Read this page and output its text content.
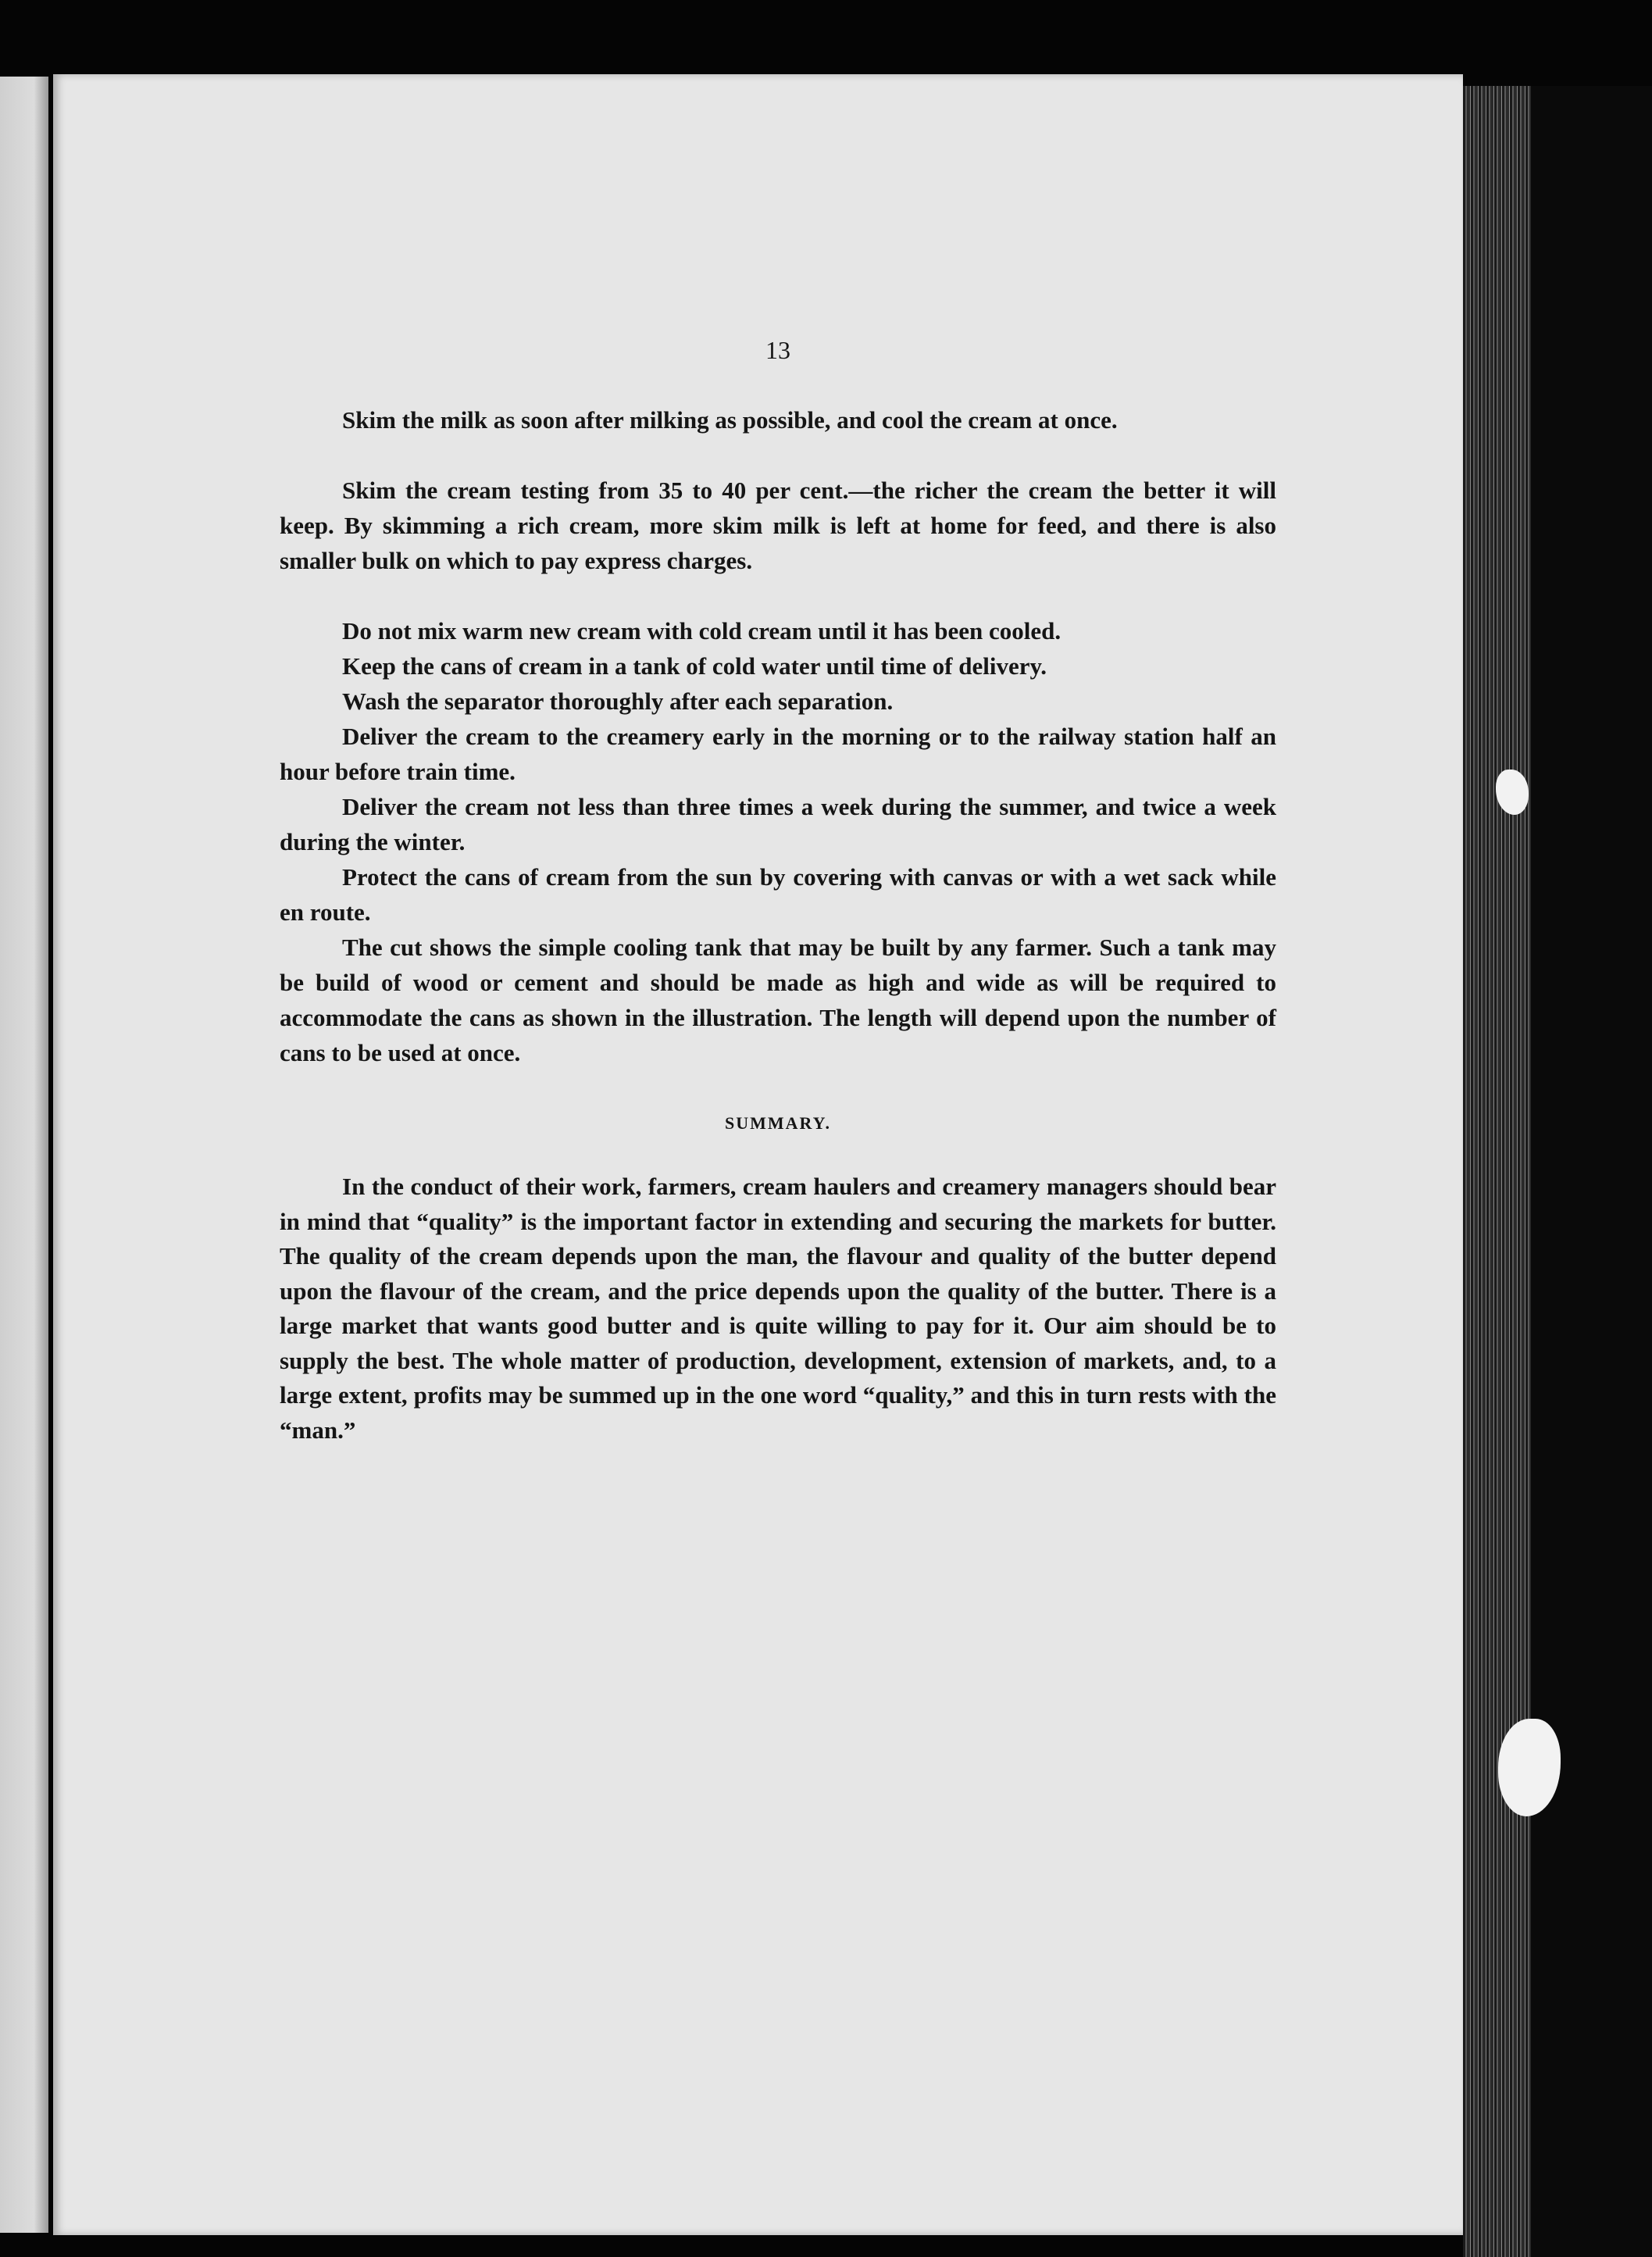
13

Skim the milk as soon after milking as possible, and cool the cream at once.

Skim the cream testing from 35 to 40 per cent.—the richer the cream the better it will keep. By skimming a rich cream, more skim milk is left at home for feed, and there is also smaller bulk on which to pay express charges.

Do not mix warm new cream with cold cream until it has been cooled.

Keep the cans of cream in a tank of cold water until time of delivery.

Wash the separator thoroughly after each separation.

Deliver the cream to the creamery early in the morning or to the railway station half an hour before train time.

Deliver the cream not less than three times a week during the summer, and twice a week during the winter.

Protect the cans of cream from the sun by covering with canvas or with a wet sack while en route.

The cut shows the simple cooling tank that may be built by any farmer. Such a tank may be build of wood or cement and should be made as high and wide as will be required to accommodate the cans as shown in the illustration. The length will depend upon the number of cans to be used at once.

SUMMARY.

In the conduct of their work, farmers, cream haulers and creamery managers should bear in mind that “quality” is the important factor in extending and securing the markets for butter. The quality of the cream depends upon the man, the flavour and quality of the butter depend upon the flavour of the cream, and the price depends upon the quality of the butter. There is a large market that wants good butter and is quite willing to pay for it. Our aim should be to supply the best. The whole matter of production, development, extension of markets, and, to a large extent, profits may be summed up in the one word “quality,” and this in turn rests with the “man.”
